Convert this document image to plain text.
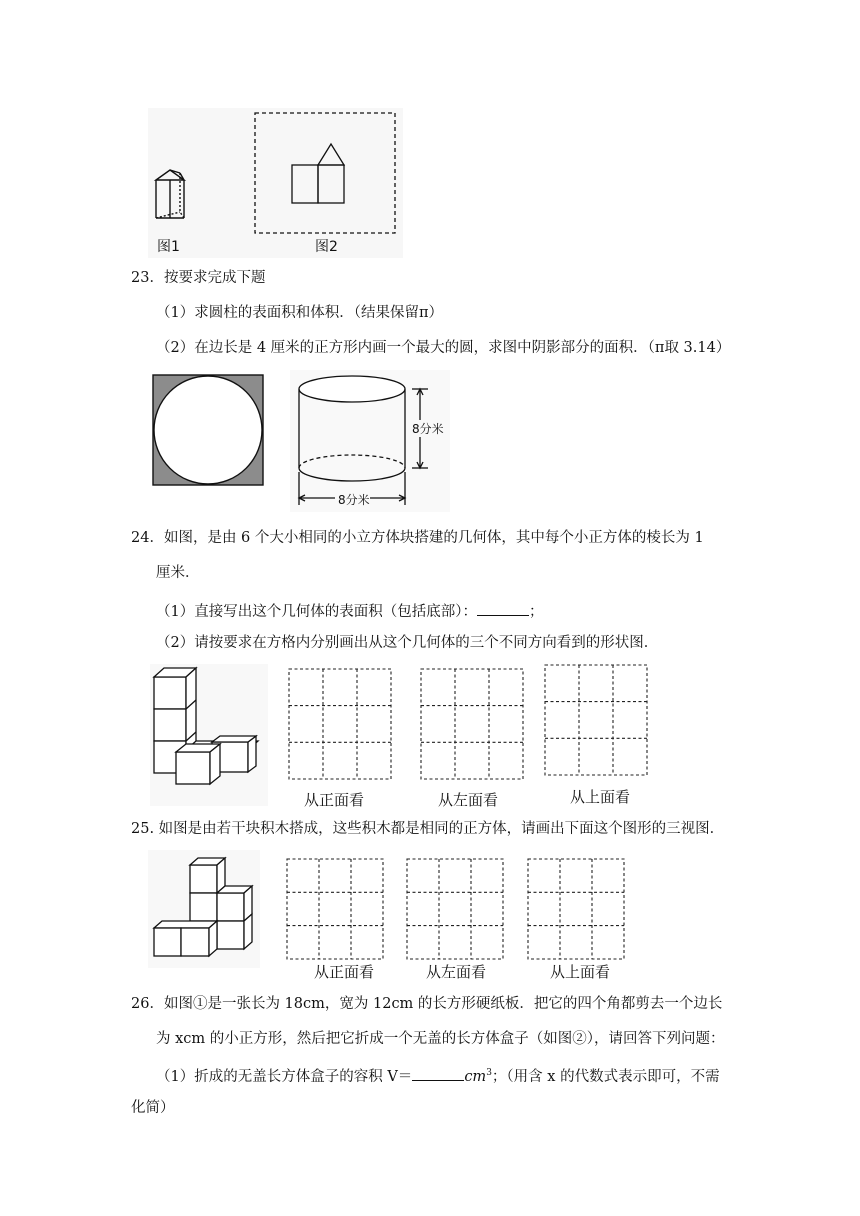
图1	图2
23．按要求完成下题
（1）求圆柱的表面积和体积．（结果保留π）
（2）在边长是 4 厘米的正方形内画一个最大的圆，求图中阴影部分的面积．（π取 3.14）
8分米
8分米
24．如图，是由 6 个大小相同的小立方体块搭建的几何体，其中每个小正方体的棱长为 1
厘米．
（1）直接写出这个几何体的表面积（包括底部）：	；
（2）请按要求在方格内分别画出从这个几何体的三个不同方向看到的形状图．
从正面看	从左面看	从上面看
25. 如图是由若干块积木搭成，这些积木都是相同的正方体，请画出下面这个图形的三视图．
从正面看	从左面看	从上面看
26．如图①是一张长为 18cm，宽为 12cm 的长方形硬纸板．把它的四个角都剪去一个边长
为 xcm 的小正方形，然后把它折成一个无盖的长方体盒子（如图②），请回答下列问题：
（1）折成的无盖长方体盒子的容积 V＝	$cm^3$；（用含 x 的代数式表示即可，不需
化简）
